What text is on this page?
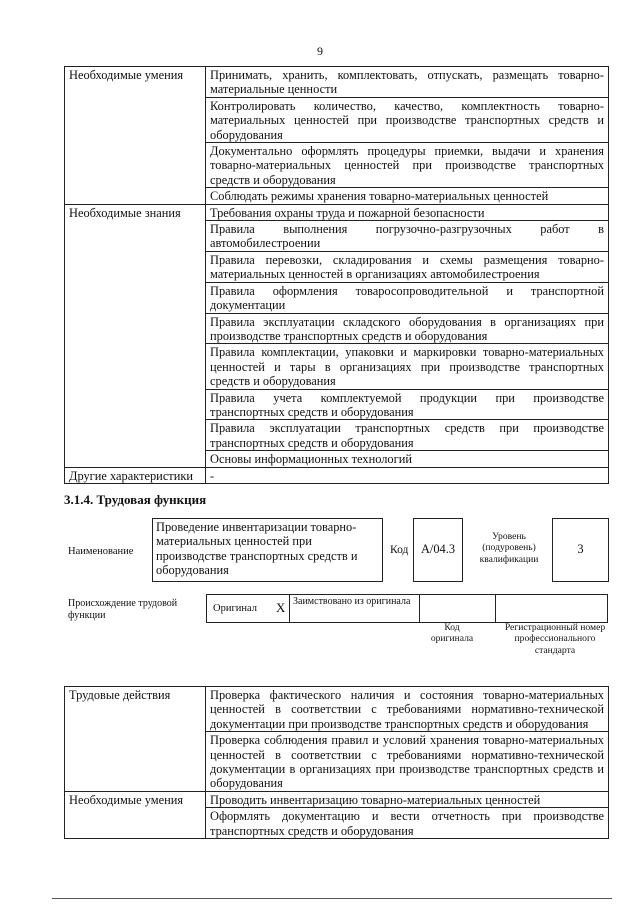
9
Необходимые умения	Принимать, хранить, комплектовать, отпускать, размещать товарно-материальные ценности
	Контролировать количество, качество, комплектность товарно-материальных ценностей при производстве транспортных средств и оборудования
	Документально оформлять процедуры приемки, выдачи и хранения товарно-материальных ценностей при производстве транспортных средств и оборудования
	Соблюдать режимы хранения товарно-материальных ценностей
Необходимые знания	Требования охраны труда и пожарной безопасности
	Правила выполнения погрузочно-разгрузочных работ в автомобилестроении
	Правила перевозки, складирования и схемы размещения товарно-материальных ценностей в организациях автомобилестроения
	Правила оформления товаросопроводительной и транспортной документации
	Правила эксплуатации складского оборудования в организациях при производстве транспортных средств и оборудования
	Правила комплектации, упаковки и маркировки товарно-материальных ценностей и тары в организациях при производстве транспортных средств и оборудования
	Правила учета комплектуемой продукции при производстве транспортных средств и оборудования
	Правила эксплуатации транспортных средств при производстве транспортных средств и оборудования
	Основы информационных технологий
Другие характеристики	-
3.1.4. Трудовая функция
Наименование
Проведение инвентаризации товарно-материальных ценностей при производстве транспортных средств и оборудования
Код	A/04.3
Уровень (подуровень) квалификации
3
Происхождение трудовой функции
Оригинал X Заимствовано из оригинала
Код оригинала
Регистрационный номер профессионального стандарта
Трудовые действия	Проверка фактического наличия и состояния товарно-материальных ценностей в соответствии с требованиями нормативно-технической документации при производстве транспортных средств и оборудования
	Проверка соблюдения правил и условий хранения товарно-материальных ценностей в соответствии с требованиями нормативно-технической документации в организациях при производстве транспортных средств и оборудования
Необходимые умения	Проводить инвентаризацию товарно-материальных ценностей
	Оформлять документацию и вести отчетность при производстве транспортных средств и оборудования
